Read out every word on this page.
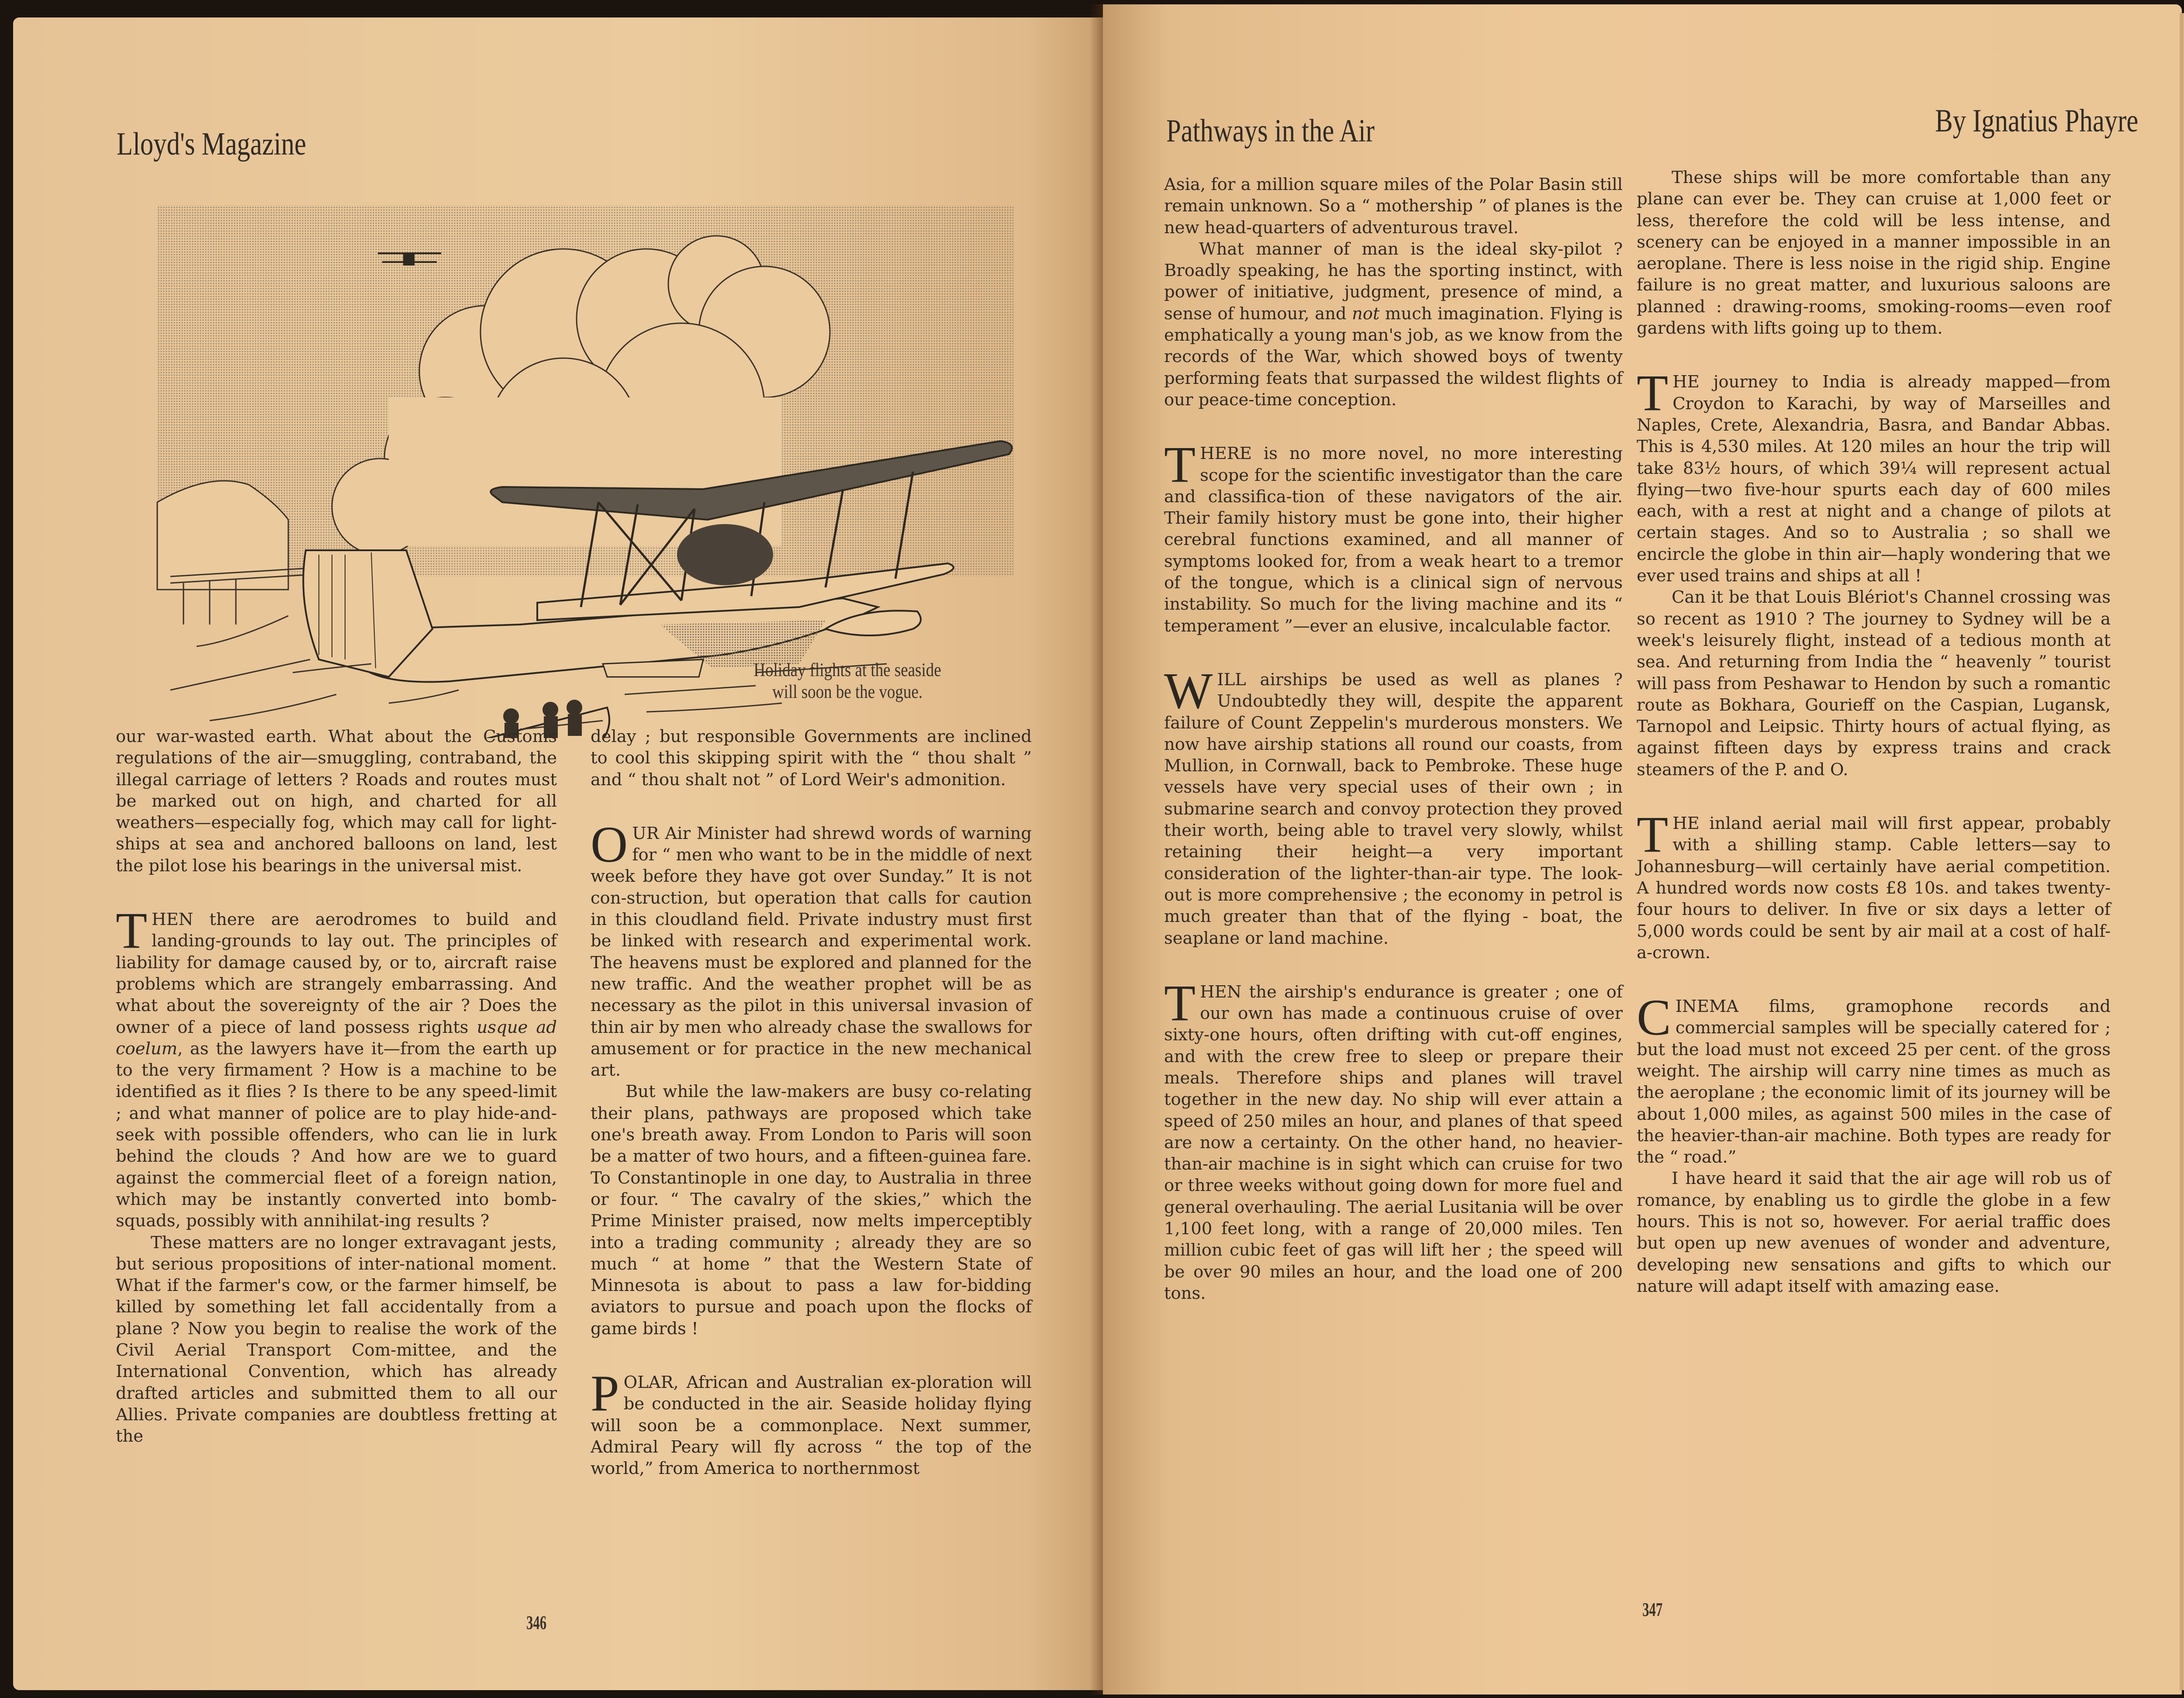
Lloyd's Magazine
Holiday flights at the seaside
will soon be the vogue.

our war-wasted earth. What about the Customs regulations of the air—smuggling, contraband, the illegal carriage of letters ? Roads and routes must be marked out on high, and charted for all weathers—especially fog, which may call for light-ships at sea and anchored balloons on land, lest the pilot lose his bearings in the universal mist.

THEN there are aerodromes to build and landing-grounds to lay out. The principles of liability for damage caused by, or to, aircraft raise problems which are strangely embarrassing. And what about the sovereignty of the air ? Does the owner of a piece of land possess rights usque ad coelum, as the lawyers have it—from the earth up to the very firmament ? How is a machine to be identified as it flies ? Is there to be any speed-limit ; and what manner of police are to play hide-and-seek with possible offenders, who can lie in lurk behind the clouds ? And how are we to guard against the commercial fleet of a foreign nation, which may be instantly converted into bomb-squads, possibly with annihilat-ing results ?

These matters are no longer extravagant jests, but serious propositions of inter-national moment. What if the farmer's cow, or the farmer himself, be killed by something let fall accidentally from a plane ? Now you begin to realise the work of the Civil Aerial Transport Com-mittee, and the International Convention, which has already drafted articles and submitted them to all our Allies. Private companies are doubtless fretting at the

delay ; but responsible Governments are inclined to cool this skipping spirit with the “ thou shalt ” and “ thou shalt not ” of Lord Weir's admonition.

OUR Air Minister had shrewd words of warning for “ men who want to be in the middle of next week before they have got over Sunday.” It is not con-struction, but operation that calls for caution in this cloudland field. Private industry must first be linked with research and experimental work. The heavens must be explored and planned for the new traffic. And the weather prophet will be as necessary as the pilot in this universal invasion of thin air by men who already chase the swallows for amusement or for practice in the new mechanical art.

But while the law-makers are busy co-relating their plans, pathways are proposed which take one's breath away. From London to Paris will soon be a matter of two hours, and a fifteen-guinea fare. To Constantinople in one day, to Australia in three or four. “ The cavalry of the skies,” which the Prime Minister praised, now melts imperceptibly into a trading community ; already they are so much “ at home ” that the Western State of Minnesota is about to pass a law for-bidding aviators to pursue and poach upon the flocks of game birds !

POLAR, African and Australian ex-ploration will be conducted in the air. Seaside holiday flying will soon be a commonplace. Next summer, Admiral Peary will fly across “ the top of the world,” from America to northernmost

346
Pathways in the Air	By Ignatius Phayre

Asia, for a million square miles of the Polar Basin still remain unknown. So a “ mothership ” of planes is the new head-quarters of adventurous travel.

What manner of man is the ideal sky-pilot ? Broadly speaking, he has the sporting instinct, with power of initiative, judgment, presence of mind, a sense of humour, and not much imagination. Flying is emphatically a young man's job, as we know from the records of the War, which showed boys of twenty performing feats that surpassed the wildest flights of our peace-time conception.

THERE is no more novel, no more interesting scope for the scientific investigator than the care and classifica-tion of these navigators of the air. Their family history must be gone into, their higher cerebral functions examined, and all manner of symptoms looked for, from a weak heart to a tremor of the tongue, which is a clinical sign of nervous instability. So much for the living machine and its “ temperament ”—ever an elusive, incalculable factor.

WILL airships be used as well as planes ? Undoubtedly they will, despite the apparent failure of Count Zeppelin's murderous monsters. We now have airship stations all round our coasts, from Mullion, in Cornwall, back to Pembroke. These huge vessels have very special uses of their own ; in submarine search and convoy protection they proved their worth, being able to travel very slowly, whilst retaining their height—a very important consideration of the lighter-than-air type. The look-out is more comprehensive ; the economy in petrol is much greater than that of the flying - boat, the seaplane or land machine.

THEN the airship's endurance is greater ; one of our own has made a continuous cruise of over sixty-one hours, often drifting with cut-off engines, and with the crew free to sleep or prepare their meals. Therefore ships and planes will travel together in the new day. No ship will ever attain a speed of 250 miles an hour, and planes of that speed are now a certainty. On the other hand, no heavier-than-air machine is in sight which can cruise for two or three weeks without going down for more fuel and general overhauling. The aerial Lusitania will be over 1,100 feet long, with a range of 20,000 miles. Ten million cubic feet of gas will lift her ; the speed will be over 90 miles an hour, and the load one of 200 tons.

These ships will be more comfortable than any plane can ever be. They can cruise at 1,000 feet or less, therefore the cold will be less intense, and scenery can be enjoyed in a manner impossible in an aeroplane. There is less noise in the rigid ship. Engine failure is no great matter, and luxurious saloons are planned : drawing-rooms, smoking-rooms—even roof gardens with lifts going up to them.

THE journey to India is already mapped—from Croydon to Karachi, by way of Marseilles and Naples, Crete, Alexandria, Basra, and Bandar Abbas. This is 4,530 miles. At 120 miles an hour the trip will take 83½ hours, of which 39¼ will represent actual flying—two five-hour spurts each day of 600 miles each, with a rest at night and a change of pilots at certain stages. And so to Australia ; so shall we encircle the globe in thin air—haply wondering that we ever used trains and ships at all !

Can it be that Louis Blériot's Channel crossing was so recent as 1910 ? The journey to Sydney will be a week's leisurely flight, instead of a tedious month at sea. And returning from India the “ heavenly ” tourist will pass from Peshawar to Hendon by such a romantic route as Bokhara, Gourieff on the Caspian, Lugansk, Tarnopol and Leipsic. Thirty hours of actual flying, as against fifteen days by express trains and crack steamers of the P. and O.

THE inland aerial mail will first appear, probably with a shilling stamp. Cable letters—say to Johannesburg—will certainly have aerial competition. A hundred words now costs £8 10s. and takes twenty-four hours to deliver. In five or six days a letter of 5,000 words could be sent by air mail at a cost of half-a-crown.

CINEMA films, gramophone records and commercial samples will be specially catered for ; but the load must not exceed 25 per cent. of the gross weight. The airship will carry nine times as much as the aeroplane ; the economic limit of its journey will be about 1,000 miles, as against 500 miles in the case of the heavier-than-air machine. Both types are ready for the “ road.”

I have heard it said that the air age will rob us of romance, by enabling us to girdle the globe in a few hours. This is not so, however. For aerial traffic does but open up new avenues of wonder and adventure, developing new sensations and gifts to which our nature will adapt itself with amazing ease.

347
